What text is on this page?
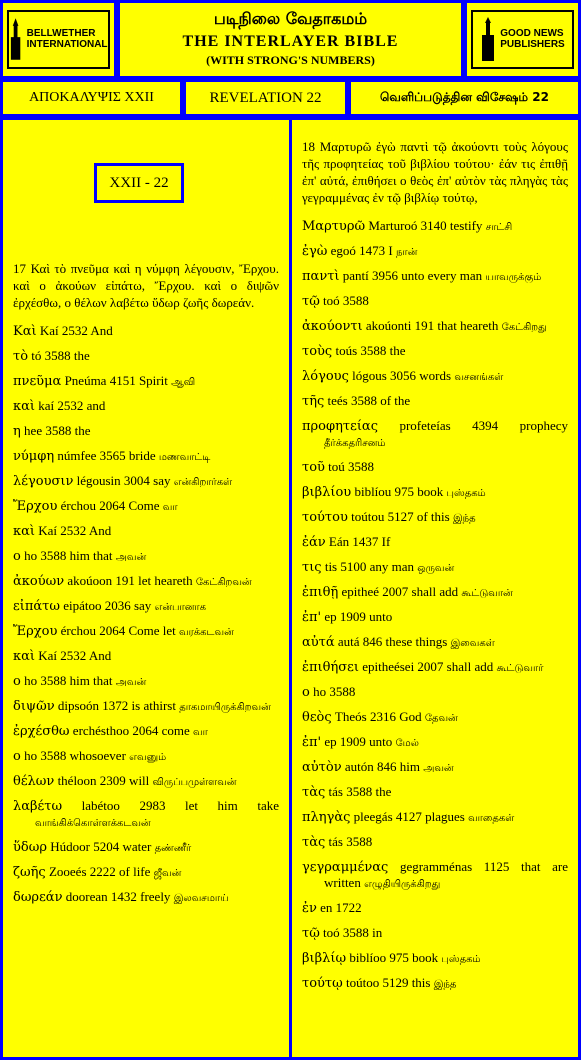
BELLWETHER
INTERNATIONAL
படிநிலை வேதாகமம்
THE INTERLAYER BIBLE
(WITH STRONG'S NUMBERS)
GOOD NEWS
PUBLISHERS
ΑΠΟΚΑΛΥΨΙΣ XXII	REVELATION 22	வெளிப்படுத்தின விசேஷம் 22
17 Καὶ τὸ πνεῦμα καὶ η νύμφη λέγουσιν, Ἔρχου. καὶ ο ἀκούων εἰπάτω, Ἔρχου. καὶ ο διψῶν ἐρχέσθω, ο θέλων λαβέτω ὕδωρ ζωῆς δωρεάν.
Καὶ Kaí 2532 And
τὸ tó 3588 the
πνεῦμα Pneúma 4151 Spirit ஆவி
καὶ kaí 2532 and
η hee 3588 the
νύμφη númfee 3565 bride மணவாட்டி
λέγουσιν légousin 3004 say என்கிறார்கள்
Ἔρχου érchou 2064 Come வா
καὶ Kaí 2532 And
ο ho 3588 him that அவன்
ἀκούων akoúoon 191 let heareth கேட்கிறவன்
εἰπάτω eipátoo 2036 say என்பானாக
Ἔρχου érchou 2064 Come let வரக்கடவன்
καὶ Kaí 2532 And
ο ho 3588 him that அவன்
διψῶν dipsoón 1372 is athirst தாகமாயிருக்கிறவன்
ἐρχέσθω erchésthoo 2064 come வா
ο ho 3588 whosoever எவனும்
θέλων théloon 2309 will விருப்பமுள்ளவன்
λαβέτω labétoo 2983 let him take வாங்கிக்கொள்ளக்கடவன்
ὕδωρ Húdoor 5204 water தண்ணீர்
ζωῆς Zooeés 2222 of life ஜீவன்
δωρεάν doorean 1432 freely இலவசமாய்
XXII - 22
18 Μαρτυρῶ ἐγὼ παντὶ τῷ ἀκούοντι τοὺς λόγους τῆς προφητείας τοῦ βιβλίου τούτου· ἐάν τις ἐπιθῇ ἐπ' αὐτά, ἐπιθήσει ο θεὸς ἐπ' αὐτὸν τὰς πληγὰς τὰς γεγραμμένας ἐν τῷ βιβλίῳ τούτῳ,
Μαρτυρῶ Marturoó 3140 testify சாட்சி
ἐγὼ egoó 1473 I நான்
παντὶ pantí 3956 unto every man யாவருக்கும்
τῷ toó 3588
ἀκούοντι akoúonti 191 that heareth கேட்கிறது
τοὺς toús 3588 the
λόγους lógous 3056 words வசனங்கள்
τῆς teés 3588 of the
προφητείας profeteías 4394 prophecy தீர்க்கதரிசனம்
τοῦ toú 3588
βιβλίου biblíou 975 book புஸ்தகம்
τούτου toútou 5127 of this இந்த
ἐάν Eán 1437 If
τις tis 5100 any man ஒருவன்
ἐπιθῇ epitheé 2007 shall add கூட்டுவான்
ἐπ' ep 1909 unto
αὐτά autá 846 these things இவைகள்
ἐπιθήσει epitheései 2007 shall add கூட்டுவார்
ο ho 3588
θεὸς Theós 2316 God தேவன்
ἐπ' ep 1909 unto மேல்
αὐτὸν autón 846 him அவன்
τὰς tás 3588 the
πληγὰς pleegás 4127 plagues வாதைகள்
τὰς tás 3588
γεγραμμένας gegramménas 1125 that are written எழுதியிருக்கிறது
ἐν en 1722
τῷ toó 3588 in
βιβλίῳ biblíoo 975 book புஸ்தகம்
τούτῳ toútoo 5129 this இந்த
